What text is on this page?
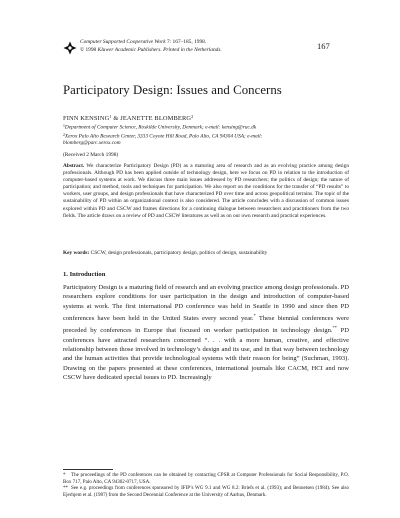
Computer Supported Cooperative Work 7: 167–185, 1998.
© 1998 Kluwer Academic Publishers. Printed in the Netherlands.	167
Participatory Design: Issues and Concerns
FINN KENSING$^1$ & JEANETTE BLOMBERG$^2$
$^1$Department of Computer Science, Roskilde University, Denmark; e-mail: kensing@ruc.dk
$^2$Xerox Palo Alto Research Center, 3333 Coyote Hill Road, Palo Alto, CA 94304 USA; e-mail:
blomberg@parc.xerox.com
(Received 2 March 1998)
Abstract. We characterize Participatory Design (PD) as a maturing area of research and as an evolving practice among design professionals. Although PD has been applied outside of technology design, here we focus on PD in relation to the introduction of computer-based systems at work. We discuss three main issues addressed by PD researchers; the politics of design; the nature of participation; and method, tools and techniques for participation. We also report on the conditions for the transfer of “PD results” to workers, user groups, and design professionals that have characterized PD over time and across geopolitical terrains. The topic of the sustainability of PD within an organizational context is also considered. The article concludes with a discussion of common issues explored within PD and CSCW and frames directions for a continuing dialogue between researchers and practitioners from the two fields. The article draws on a review of PD and CSCW literatures as well as on our own research and practical experiences.
Key words: CSCW, design professionals, participatory design, politics of design, sustainability
1. Introduction
Participatory Design is a maturing field of research and an evolving practice among design professionals. PD researchers explore conditions for user participation in the design and introduction of computer-based systems at work. The first international PD conference was held in Seattle in 1990 and since then PD conferences have been held in the United States every second year.* These biennial conferences were preceded by conferences in Europe that focused on worker participation in technology design.** PD conferences have attracted researchers concerned “. . . with a more human, creative, and effective relationship between those involved in technology’s design and its use, and in that way between technology and the human activities that provide technological systems with their reason for being” (Suchman, 1993). Drawing on the papers presented at these conferences, international journals like CACM, HCI and now CSCW have dedicated special issues to PD. Increasingly
* The proceedings of the PD conferences can be obtained by contacting CPSR at Computer Professionals for Social Responsibility, P.O. Box 717, Palo Alto, CA 94302-0717, USA.
** See e.g. proceedings from conferences sponsored by IFIP’s WG 9.1 and WG 8.2: Briefs et al. (1993); and Bennetsen (1984). See also Ejerhjem et al. (1987) from the Second Decennial Conference at the University of Aarhus, Denmark.
